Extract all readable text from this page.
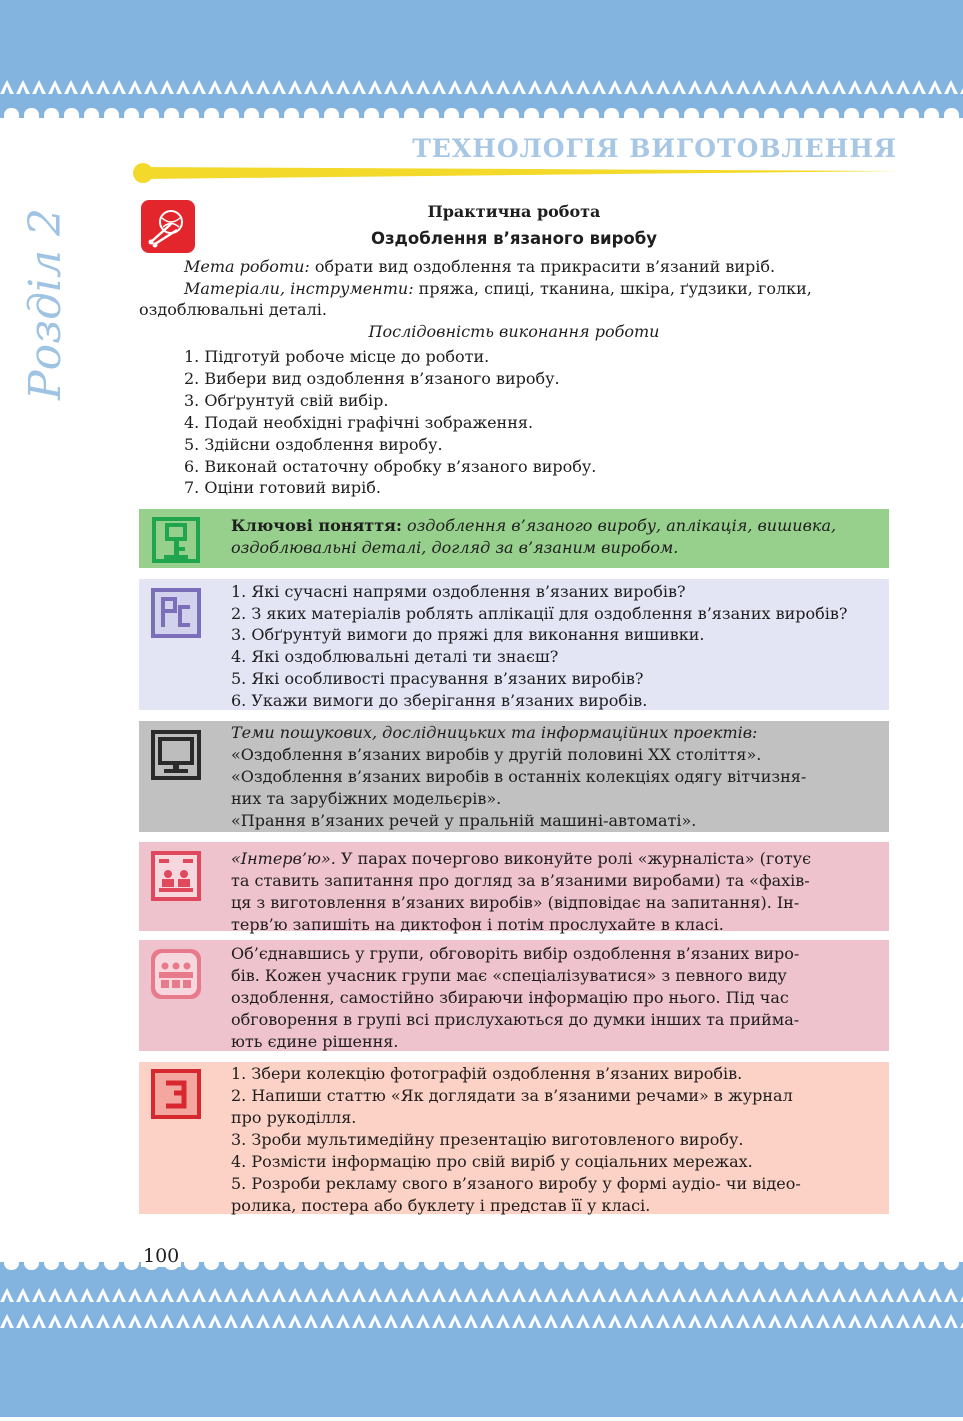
ТЕХНОЛОГІЯ ВИГОТОВЛЕННЯ
Розділ 2	Практична робота
Оздоблення в’язаного виробу
Мета роботи: обрати вид оздоблення та прикрасити в’язаний виріб.
Матеріали, інструменти: пряжа, спиці, тканина, шкіра, ґудзики, голки,
оздоблювальні деталі.
Послідовність виконання роботи
1. Підготуй робоче місце до роботи.
2. Вибери вид оздоблення в’язаного виробу.
3. Обґрунтуй свій вибір.
4. Подай необхідні графічні зображення.
5. Здійсни оздоблення виробу.
6. Виконай остаточну обробку в’язаного виробу.
7. Оціни готовий виріб.
Ключові поняття: оздоблення в’язаного виробу, аплікація, вишивка,
оздоблювальні деталі, догляд за в’язаним виробом.
1. Які сучасні напрями оздоблення в’язаних виробів?
2. З яких матеріалів роблять аплікації для оздоблення в’язаних виробів?
3. Обґрунтуй вимоги до пряжі для виконання вишивки.
4. Які оздоблювальні деталі ти знаєш?
5. Які особливості прасування в’язаних виробів?
6. Укажи вимоги до зберігання в’язаних виробів.
Теми пошукових, дослідницьких та інформаційних проектів:
«Оздоблення в’язаних виробів у другій половині XX століття».
«Оздоблення в’язаних виробів в останніх колекціях одягу вітчизня-
них та зарубіжних модельєрів».
«Прання в’язаних речей у пральній машині-автоматі».
«Інтерв’ю». У парах почергово виконуйте ролі «журналіста» (готує
та ставить запитання про догляд за в’язаними виробами) та «фахів-
ця з виготовлення в’язаних виробів» (відповідає на запитання). Ін-
терв’ю запишіть на диктофон і потім прослухайте в класі.
Об’єднавшись у групи, обговоріть вибір оздоблення в’язаних виро-
бів. Кожен учасник групи має «спеціалізуватися» з певного виду
оздоблення, самостійно збираючи інформацію про нього. Під час
обговорення в групі всі прислухаються до думки інших та прийма-
ють єдине рішення.
1. Збери колекцію фотографій оздоблення в’язаних виробів.
2. Напиши статтю «Як доглядати за в’язаними речами» в журнал
про рукоділля.
3. Зроби мультимедійну презентацію виготовленого виробу.
4. Розмісти інформацію про свій виріб у соціальних мережах.
5. Розроби рекламу свого в’язаного виробу у формі аудіо- чи відео-
ролика, постера або буклету і представ її у класі.
100
